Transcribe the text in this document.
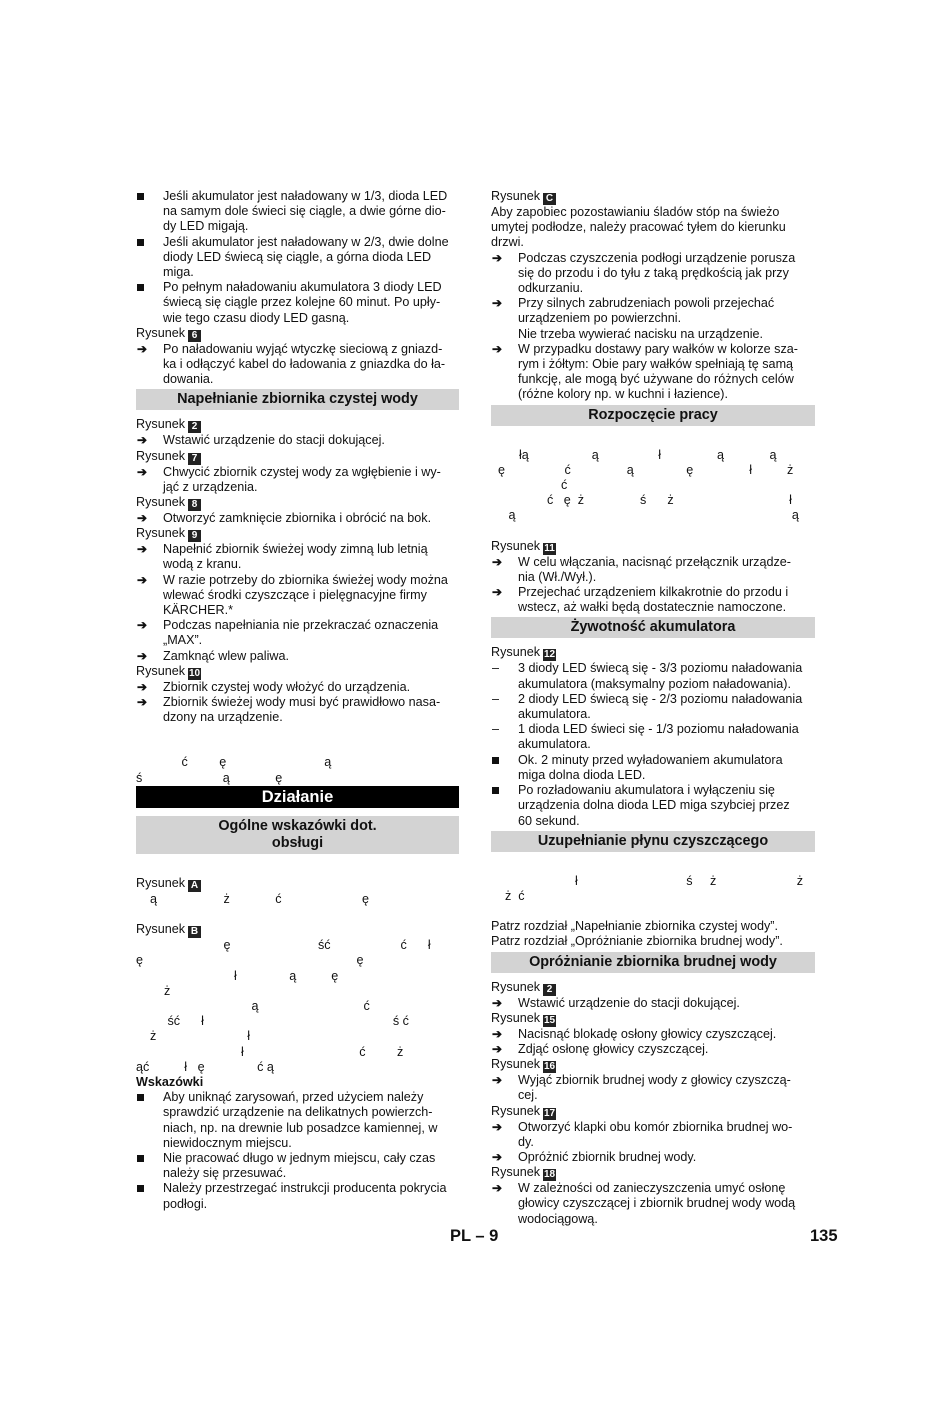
Jeśli akumulator jest naładowany w 1/3, dioda LED
na samym dole świeci się ciągle, a dwie górne dio-
dy LED migają.
Jeśli akumulator jest naładowany w 2/3, dwie dolne
diody LED świecą się ciągle, a górna dioda LED
miga.
Po pełnym naładowaniu akumulatora 3 diody LED
świecą się ciągle przez kolejne 60 minut. Po upły-
wie tego czasu diody LED gasną.
Rysunek 6
➔	Po naładowaniu wyjąć wtyczkę sieciową z gniazd-
ka i odłączyć kabel do ładowania z gniazdka do ła-
dowania.
Napełnianie zbiornika czystej wody
Rysunek 2
➔	Wstawić urządzenie do stacji dokującej.
Rysunek 7
➔	Chwycić zbiornik czystej wody za wgłębienie i wy-
jąć z urządzenia.
Rysunek 8
➔	Otworzyć zamknięcie zbiornika i obrócić na bok.
Rysunek 9
➔	Napełnić zbiornik świeżej wody zimną lub letnią
wodą z kranu.
➔	W razie potrzeby do zbiornika świeżej wody można
wlewać środki czyszczące i pielęgnacyjne firmy
KÄRCHER.*
➔	Podczas napełniania nie przekraczać oznaczenia
„MAX”.
➔	Zamknąć wlew paliwa.
Rysunek 10
➔	Zbiornik czystej wody włożyć do urządzenia.
➔	Zbiornik świeżej wody musi być prawidłowo nasa-
dzony na urządzenie.
ć         ę                            ą
ś                       ą             ę
Działanie
Ogólne wskazówki dot.
obsługi
Rysunek A
ą                   ż             ć                       ę
Rysunek B
ę                         ść                    ć      ł
ę                                                             ę
ł               ą          ę
ż
ą                              ć
ść      ł                                                      ś ć
ż                          ł
ł                                 ć         ż
ąć          ł   ę               ć ą
Wskazówki
Aby uniknąć zarysowań, przed użyciem należy
sprawdzić urządzenie na delikatnych powierzch-
niach, np. na drewnie lub posadzce kamiennej, w
niewidocznym miejscu.
Nie pracować długo w jednym miejscu, cały czas
należy się przesuwać.
Należy przestrzegać instrukcji producenta pokrycia
podłogi.
Rysunek C
Aby zapobiec pozostawianiu śladów stóp na świeżo
umytej podłodze, należy pracować tyłem do kierunku
drzwi.
➔	Podczas czyszczenia podłogi urządzenie porusza
się do przodu i do tyłu z taką prędkością jak przy
odkurzaniu.
➔	Przy silnych zabrudzeniach powoli przejechać
urządzeniem po powierzchni.
Nie trzeba wywierać nacisku na urządzenie.
➔	W przypadku dostawy pary wałków w kolorze sza-
rym i żółtym: Obie pary wałków spełniają tę samą
funkcję, ale mogą być używane do różnych celów
(różne kolory np. w kuchni i łazience).
Rozpoczęcie pracy
łą                  ą                 ł                ą             ą
ę                 ć                ą               ę                ł          ż
ć
ć   ę  ż                ś      ż                                 ł
ą                                                                               ą
Rysunek 11
➔	W celu włączania, nacisnąć przełącznik urządze-
nia (Wł./Wył.).
➔	Przejechać urządzeniem kilkakrotnie do przodu i
wstecz, aż wałki będą dostatecznie namoczone.
Żywotność akumulatora
Rysunek 12
–	3 diody LED świecą się - 3/3 poziomu naładowania
akumulatora (maksymalny poziom naładowania).
–	2 diody LED świecą się - 2/3 poziomu naładowania
akumulatora.
–	1 dioda LED świeci się - 1/3 poziomu naładowania
akumulatora.
Ok. 2 minuty przed wyładowaniem akumulatora
miga dolna dioda LED.
Po rozładowaniu akumulatora i wyłączeniu się
urządzenia dolna dioda LED miga szybciej przez
60 sekund.
Uzupełnianie płynu czyszczącego
ł                               ś     ż                       ż
ż  ć
Patrz rozdział „Napełnianie zbiornika czystej wody”.
Patrz rozdział „Opróżnianie zbiornika brudnej wody”.
Opróżnianie zbiornika brudnej wody
Rysunek 2
➔	Wstawić urządzenie do stacji dokującej.
Rysunek 15
➔	Nacisnąć blokadę osłony głowicy czyszczącej.
➔	Zdjąć osłonę głowicy czyszczącej.
Rysunek 16
➔	Wyjąć zbiornik brudnej wody z głowicy czyszczą-
cej.
Rysunek 17
➔	Otworzyć klapki obu komór zbiornika brudnej wo-
dy.
➔	Opróżnić zbiornik brudnej wody.
Rysunek 18
➔	W zależności od zanieczyszczenia umyć osłonę
głowicy czyszczącej i zbiornik brudnej wody wodą
wodociągową.
PL – 9	135
